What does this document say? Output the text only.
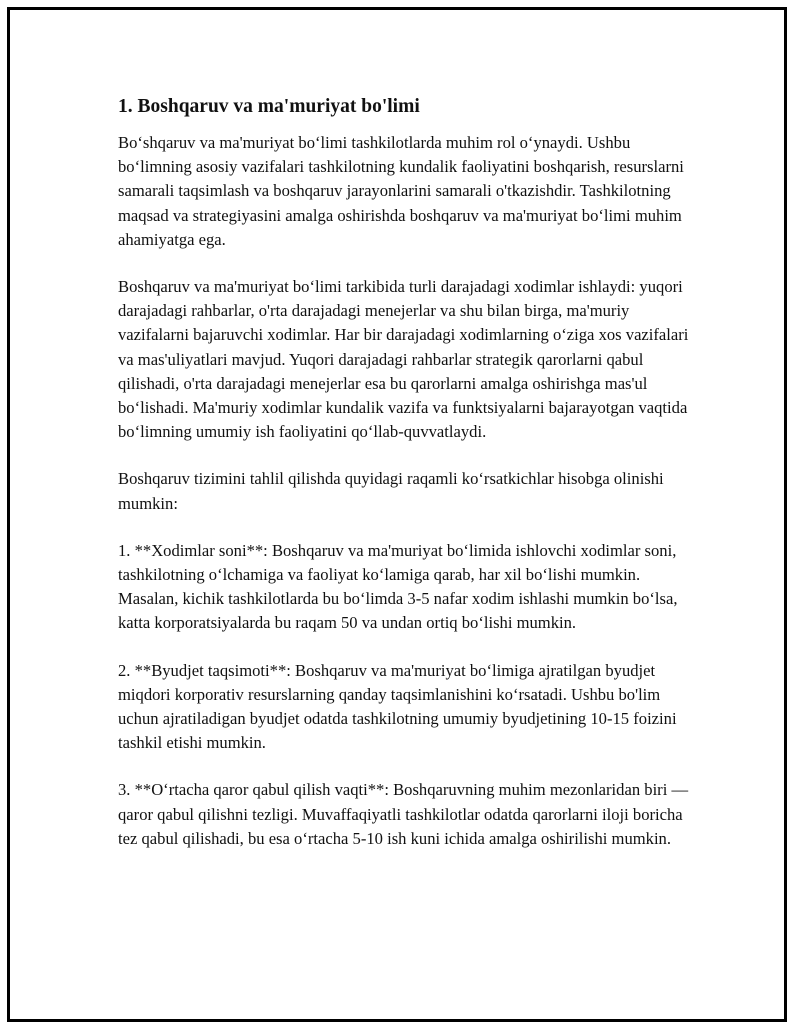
1. Boshqaruv va ma'muriyat bo'limi

Bo‘shqaruv va ma'muriyat bo‘limi tashkilotlarda muhim rol o‘ynaydi. Ushbu bo‘limning asosiy vazifalari tashkilotning kundalik faoliyatini boshqarish, resurslarni samarali taqsimlash va boshqaruv jarayonlarini samarali o'tkazishdir. Tashkilotning maqsad va strategiyasini amalga oshirishda boshqaruv va ma'muriyat bo‘limi muhim ahamiyatga ega.

Boshqaruv va ma'muriyat bo‘limi tarkibida turli darajadagi xodimlar ishlaydi: yuqori darajadagi rahbarlar, o'rta darajadagi menejerlar va shu bilan birga, ma'muriy vazifalarni bajaruvchi xodimlar. Har bir darajadagi xodimlarning o‘ziga xos vazifalari va mas'uliyatlari mavjud. Yuqori darajadagi rahbarlar strategik qarorlarni qabul qilishadi, o'rta darajadagi menejerlar esa bu qarorlarni amalga oshirishga mas'ul bo‘lishadi. Ma'muriy xodimlar kundalik vazifa va funktsiyalarni bajarayotgan vaqtida bo‘limning umumiy ish faoliyatini qo‘llab-quvvatlaydi.

Boshqaruv tizimini tahlil qilishda quyidagi raqamli ko‘rsatkichlar hisobga olinishi mumkin:

1. **Xodimlar soni**: Boshqaruv va ma'muriyat bo‘limida ishlovchi xodimlar soni, tashkilotning o‘lchamiga va faoliyat ko‘lamiga qarab, har xil bo‘lishi mumkin. Masalan, kichik tashkilotlarda bu bo‘limda 3-5 nafar xodim ishlashi mumkin bo‘lsa, katta korporatsiyalarda bu raqam 50 va undan ortiq bo‘lishi mumkin.

2. **Byudjet taqsimoti**: Boshqaruv va ma'muriyat bo‘limiga ajratilgan byudjet miqdori korporativ resurslarning qanday taqsimlanishini ko‘rsatadi. Ushbu bo'lim uchun ajratiladigan byudjet odatda tashkilotning umumiy byudjetining 10-15 foizini tashkil etishi mumkin.

3. **O‘rtacha qaror qabul qilish vaqti**: Boshqaruvning muhim mezonlaridan biri — qaror qabul qilishni tezligi. Muvaffaqiyatli tashkilotlar odatda qarorlarni iloji boricha tez qabul qilishadi, bu esa o‘rtacha 5-10 ish kuni ichida amalga oshirilishi mumkin.
